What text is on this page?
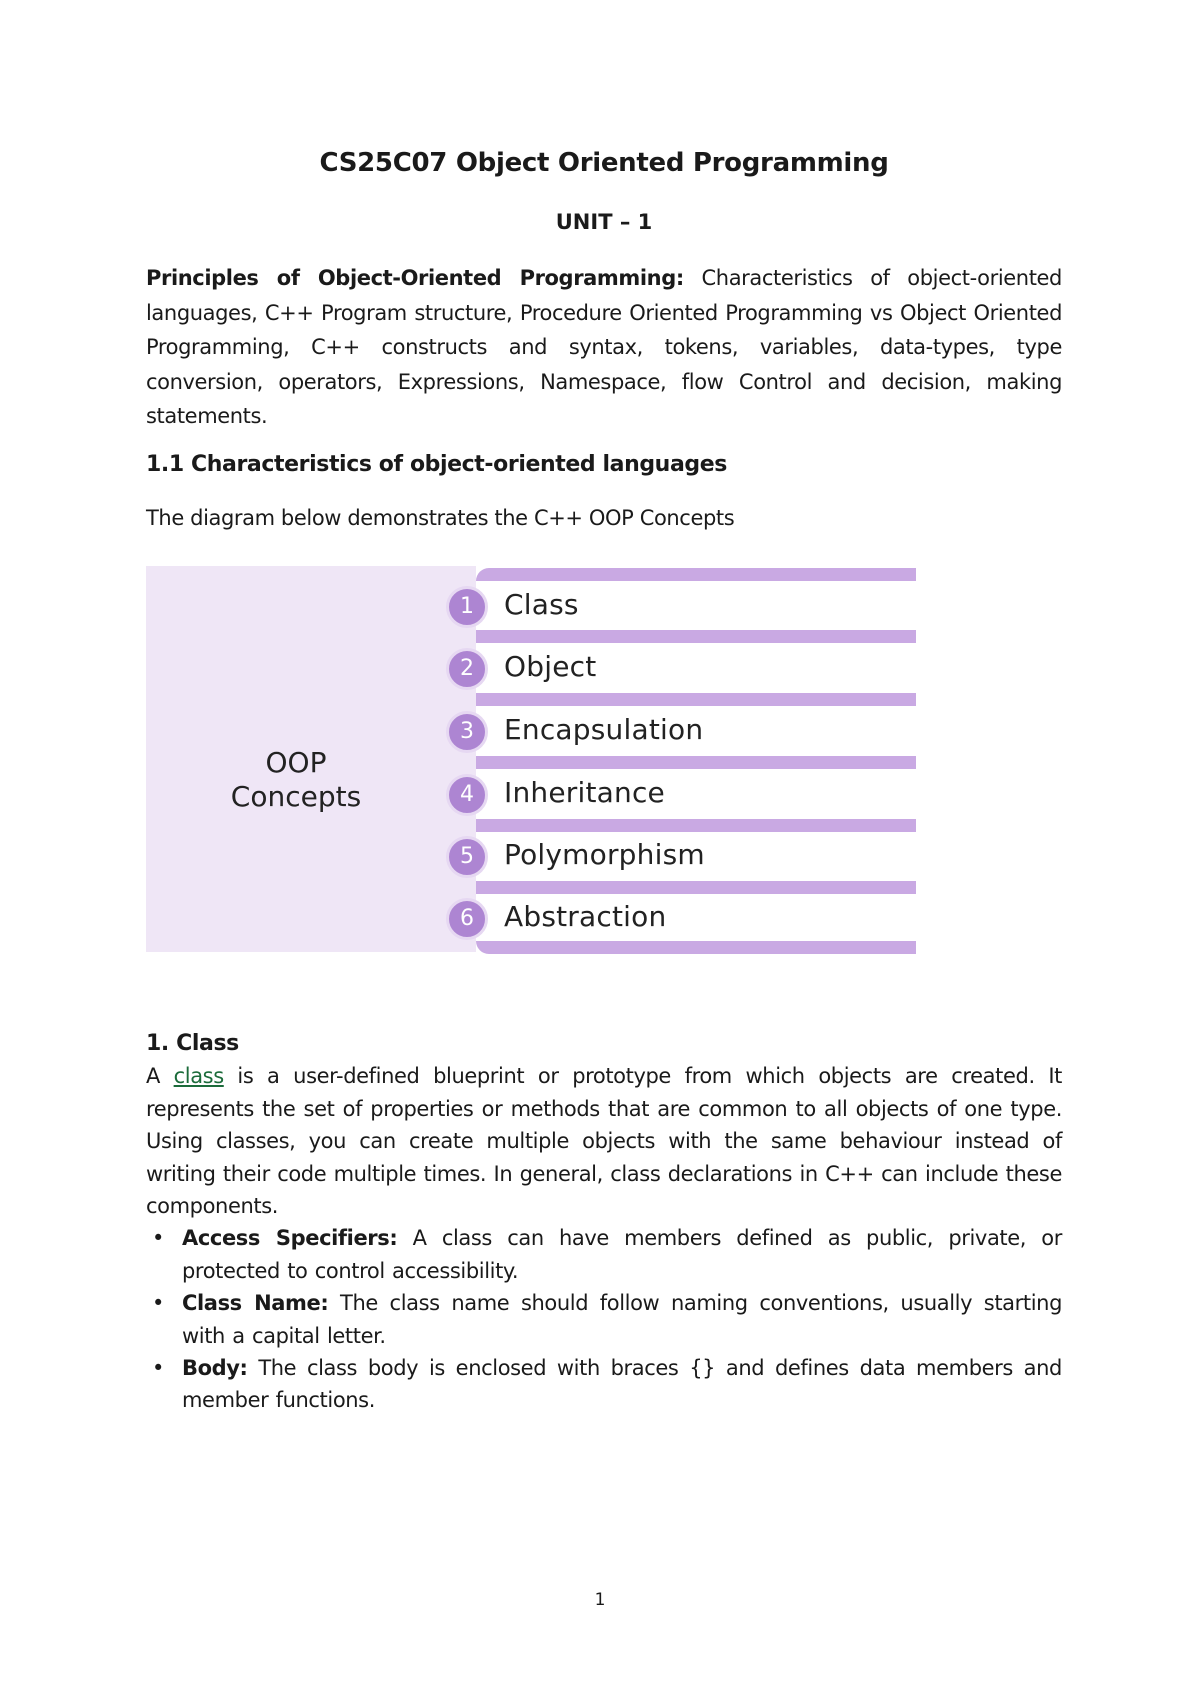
CS25C07 Object Oriented Programming
UNIT – 1
Principles of Object-Oriented Programming: Characteristics of object-oriented languages, C++ Program structure, Procedure Oriented Programming vs Object Oriented Programming, C++ constructs and syntax, tokens, variables, data-types, type conversion, operators, Expressions, Namespace, flow Control and decision, making statements.
1.1 Characteristics of object-oriented languages
The diagram below demonstrates the C++ OOP Concepts
OOP
Concepts
1	Class
2	Object
3	Encapsulation
4	Inheritance
5	Polymorphism
6	Abstraction
1. Class
A class is a user-defined blueprint or prototype from which objects are created. It represents the set of properties or methods that are common to all objects of one type. Using classes, you can create multiple objects with the same behaviour instead of writing their code multiple times. In general, class declarations in C++ can include these components.
• Access Specifiers: A class can have members defined as public, private, or protected to control accessibility.
• Class Name: The class name should follow naming conventions, usually starting with a capital letter.
• Body: The class body is enclosed with braces {} and defines data members and member functions.
1
